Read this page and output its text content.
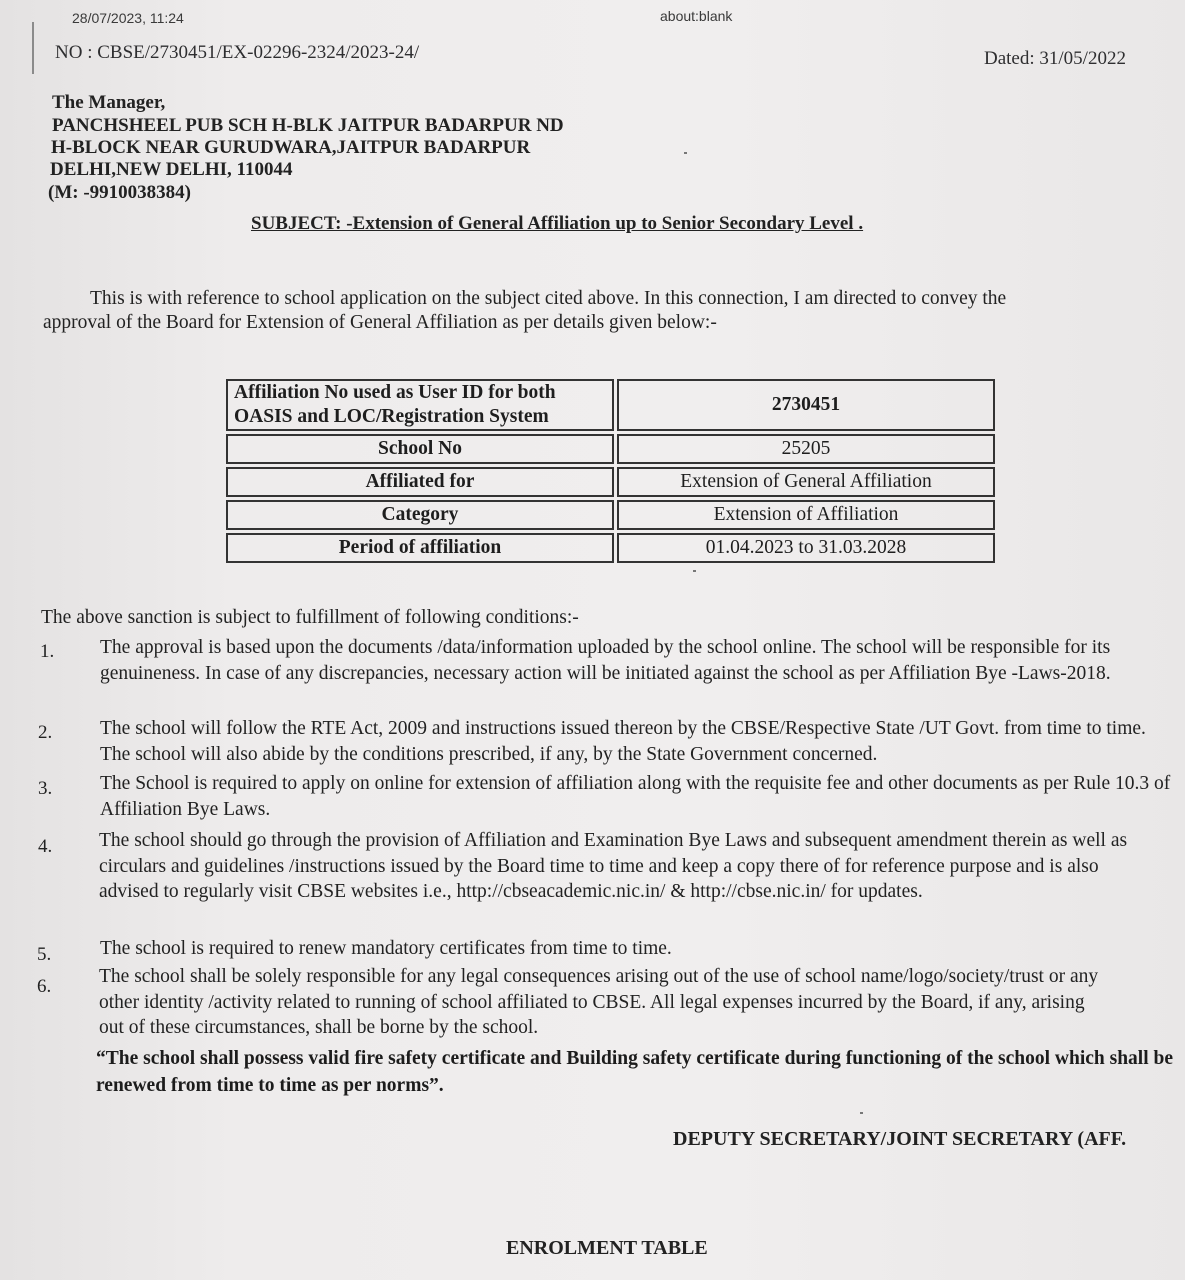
28/07/2023, 11:24	about:blank
NO : CBSE/2730451/EX-02296-2324/2023-24/	Dated: 31/05/2022
The Manager,
PANCHSHEEL PUB SCH H-BLK JAITPUR BADARPUR ND
H-BLOCK NEAR GURUDWARA,JAITPUR BADARPUR
DELHI,NEW DELHI, 110044
(M: -9910038384)
SUBJECT: -Extension of General Affiliation up to Senior Secondary Level .
This is with reference to school application on the subject cited above. In this connection, I am directed to convey the
approval of the Board for Extension of General Affiliation as per details given below:-
Affiliation No used as User ID for both
OASIS and LOC/Registration System	2730451
School No	25205
Affiliated for	Extension of General Affiliation
Category	Extension of Affiliation
Period of affiliation	01.04.2023 to 31.03.2028
The above sanction is subject to fulfillment of following conditions:-
1. The approval is based upon the documents /data/information uploaded by the school online. The school will be responsible for its genuineness. In case of any discrepancies, necessary action will be initiated against the school as per Affiliation Bye -Laws-2018.
2. The school will follow the RTE Act, 2009 and instructions issued thereon by the CBSE/Respective State /UT Govt. from time to time. The school will also abide by the conditions prescribed, if any, by the State Government concerned.
3. The School is required to apply on online for extension of affiliation along with the requisite fee and other documents as per Rule 10.3 of Affiliation Bye Laws.
4. The school should go through the provision of Affiliation and Examination Bye Laws and subsequent amendment therein as well as circulars and guidelines /instructions issued by the Board time to time and keep a copy there of for reference purpose and is also advised to regularly visit CBSE websites i.e., http://cbseacademic.nic.in/ & http://cbse.nic.in/ for updates.
5.	The school is required to renew mandatory certificates from time to time.
6. The school shall be solely responsible for any legal consequences arising out of the use of school name/logo/society/trust or any other identity /activity related to running of school affiliated to CBSE. All legal expenses incurred by the Board, if any, arising out of these circumstances, shall be borne by the school.
“The school shall possess valid fire safety certificate and Building safety certificate during functioning of the school which shall be renewed from time to time as per norms”.
DEPUTY SECRETARY/JOINT SECRETARY (AFF.
ENROLMENT TABLE
